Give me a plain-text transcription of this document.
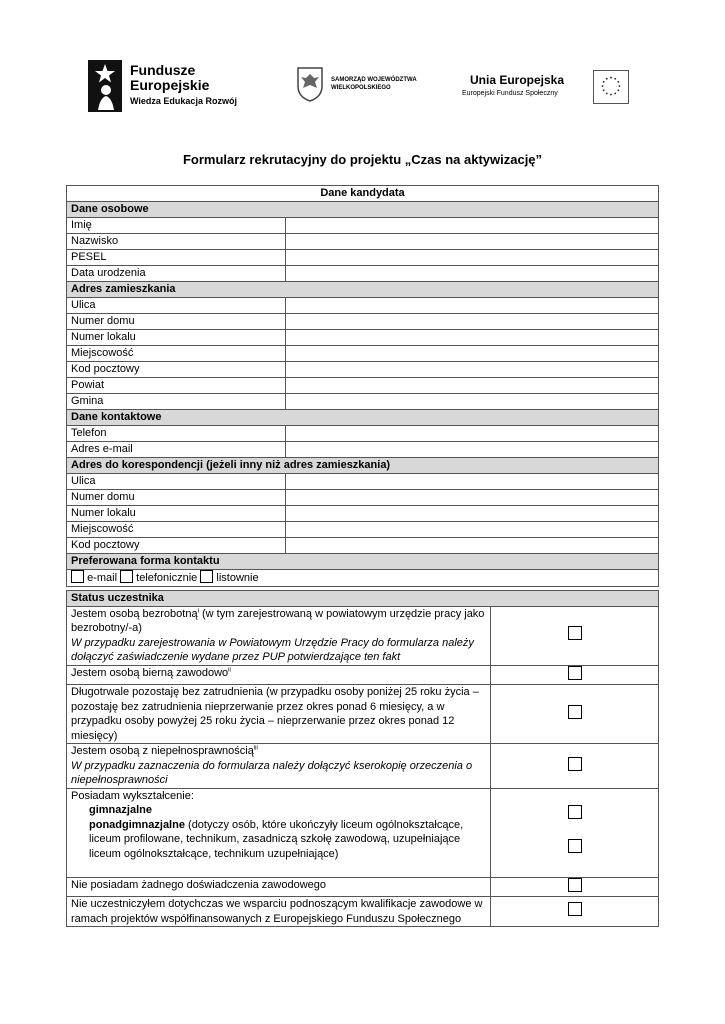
Fundusze
Europejskie
Wiedza Edukacja Rozwój
SAMORZĄD WOJEWÓDZTWA
WIELKOPOLSKIEGO
Unia Europejska
Europejski Fundusz Społeczny
Formularz rekrutacyjny do projektu „Czas na aktywizację”
Dane kandydata	
Dane osobowe	
Imię	
Nazwisko	
PESEL	
Data urodzenia	
Adres zamieszkania	
Ulica	
Numer domu	
Numer lokalu	
Miejscowość	
Kod pocztowy	
Powiat	
Gmina	
Dane kontaktowe	
Telefon	
Adres e-mail	
Adres do korespondencji (jeżeli inny niż adres zamieszkania)	
Ulica	
Numer domu	
Numer lokalu	
Miejscowość	
Kod pocztowy	
Preferowana forma kontaktu	
e-mail telefonicznie listownie	
Status uczestnika	
Jestem osobą bezrobotną$^i$ (w tym zarejestrowaną w powiatowym urzędzie pracy jako bezrobotny/-a)
W przypadku zarejestrowania w Powiatowym Urzędzie Pracy do formularza należy dołączyć zaświadczenie wydane przez PUP potwierdzające ten fakt	
Jestem osobą bierną zawodowo$^{ii}$	
Długotrwale pozostaję bez zatrudnienia (w przypadku osoby poniżej 25 roku życia – pozostaję bez zatrudnienia nieprzerwanie przez okres ponad 6 miesięcy, a w przypadku osoby powyżej 25 roku życia – nieprzerwanie przez okres ponad 12 miesięcy)	
Jestem osobą z niepełnosprawnością$^{iii}$
W przypadku zaznaczenia do formularza należy dołączyć kserokopię orzeczenia o niepełnosprawności	

Posiadam wykształcenie:
gimnazjalne
ponadgimnazjalne (dotyczy osób, które ukończyły liceum ogólnokształcące, liceum profilowane, technikum, zasadniczą szkołę zawodową, uzupełniające liceum ogólnokształcące, technikum uzupełniające)	

Nie posiadam żadnego doświadczenia zawodowego	
Nie uczestniczyłem dotychczas we wsparciu podnoszącym kwalifikacje zawodowe w ramach projektów współfinansowanych z Europejskiego Funduszu Społecznego	
